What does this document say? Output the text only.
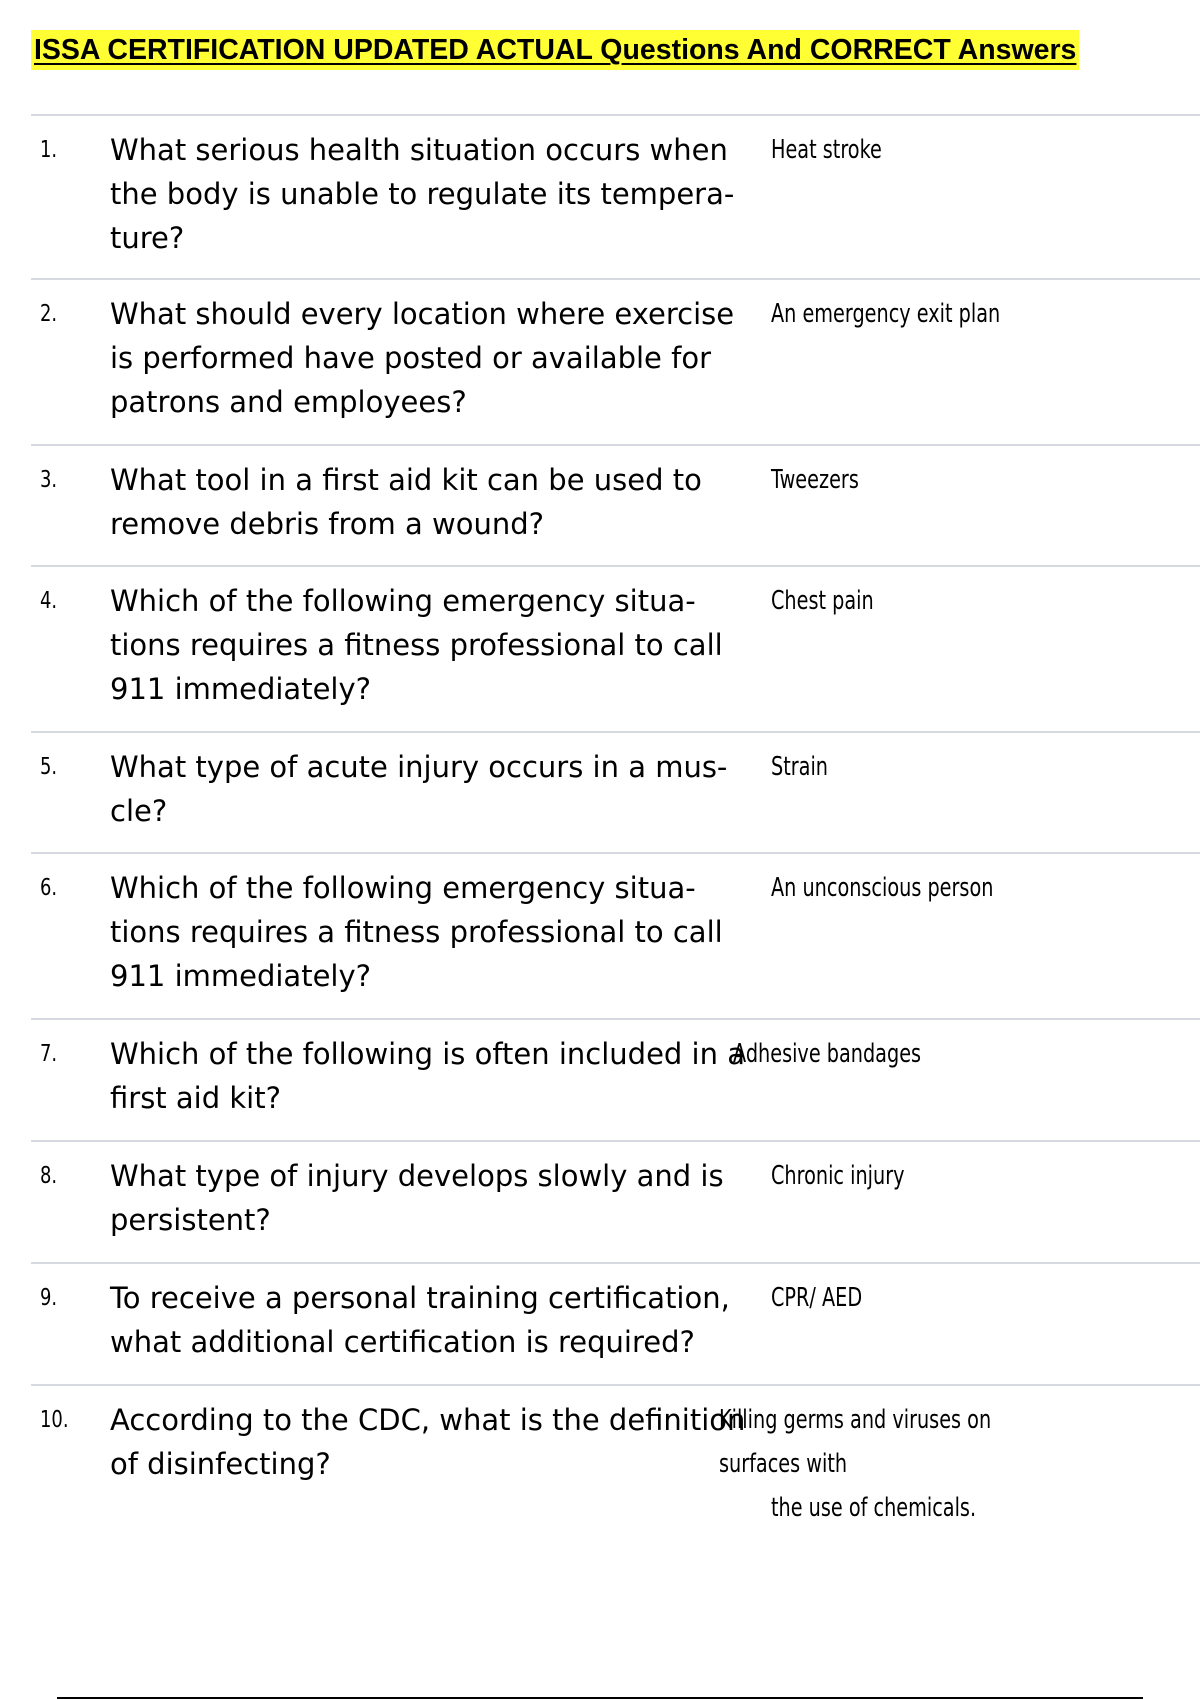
ISSA CERTIFICATION UPDATED ACTUAL Questions And CORRECT Answers
1. What serious health situation occurs when
the body is unable to regulate its tempera-
ture?
Heat stroke
2. What should every location where exercise
is performed have posted or available for
patrons and employees?
An emergency exit plan
3. What tool in a first aid kit can be used to
remove debris from a wound?
Tweezers
4. Which of the following emergency situa-
tions requires a fitness professional to call
911 immediately?
Chest pain
5. What type of acute injury occurs in a mus-
cle?
Strain
6. Which of the following emergency situa-
tions requires a fitness professional to call
911 immediately?
An unconscious person
7. Which of the following is often included in a
first aid kit?
Adhesive bandages
8. What type of injury develops slowly and is
persistent?
Chronic injury
9. To receive a personal training certification,
what additional certification is required?
CPR/ AED
10. According to the CDC, what is the definition
of disinfecting?
Killing germs and viruses on surfaces with
the use of chemicals.
